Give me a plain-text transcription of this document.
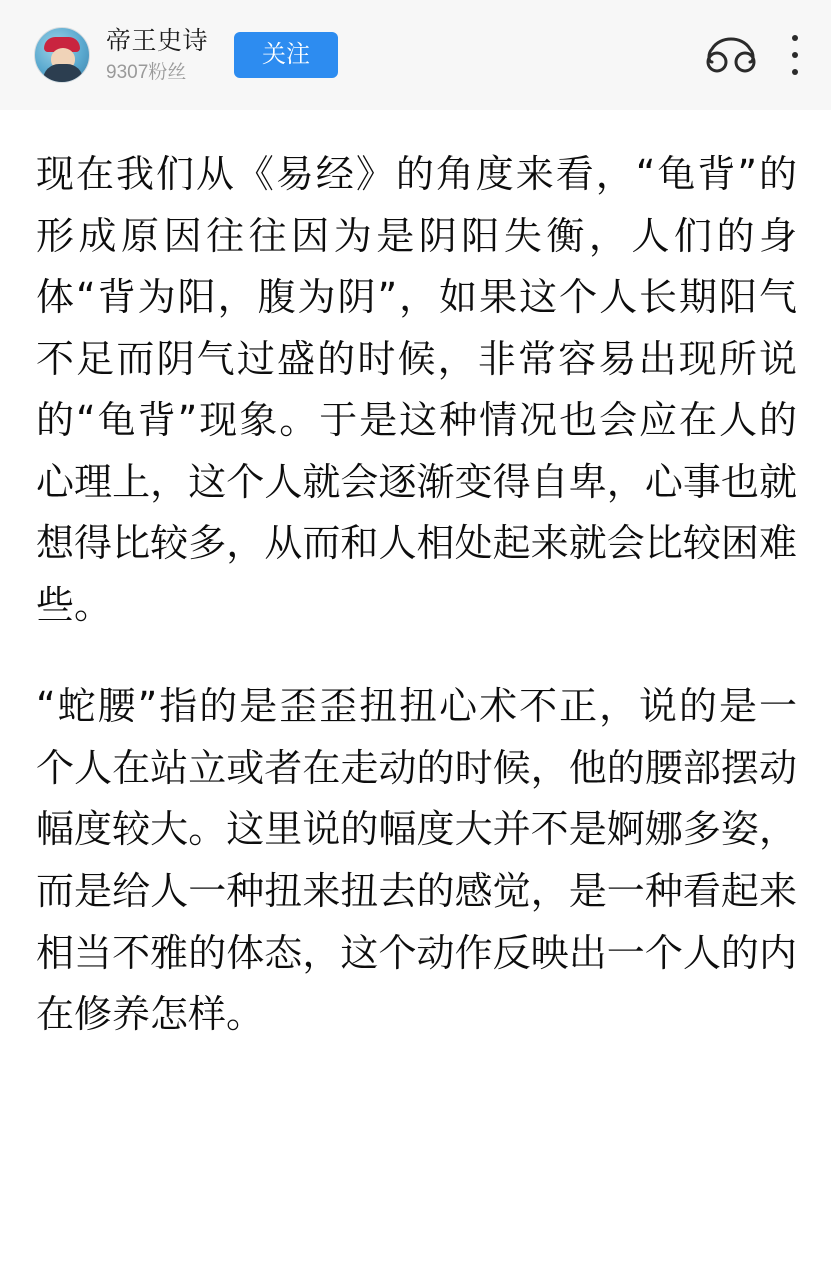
帝王史诗
9307粉丝
关注

现在我们从《易经》的角度来看，“龟背”的形成原因往往因为是阴阳失衡，人们的身体“背为阳，腹为阴”，如果这个人长期阳气不足而阴气过盛的时候，非常容易出现所说的“龟背”现象。于是这种情况也会应在人的心理上，这个人就会逐渐变得自卑，心事也就想得比较多，从而和人相处起来就会比较困难些。

“蛇腰”指的是歪歪扭扭心术不正，说的是一个人在站立或者在走动的时候，他的腰部摆动幅度较大。这里说的幅度大并不是婀娜多姿，而是给人一种扭来扭去的感觉，是一种看起来相当不雅的体态，这个动作反映出一个人的内在修养怎样。
